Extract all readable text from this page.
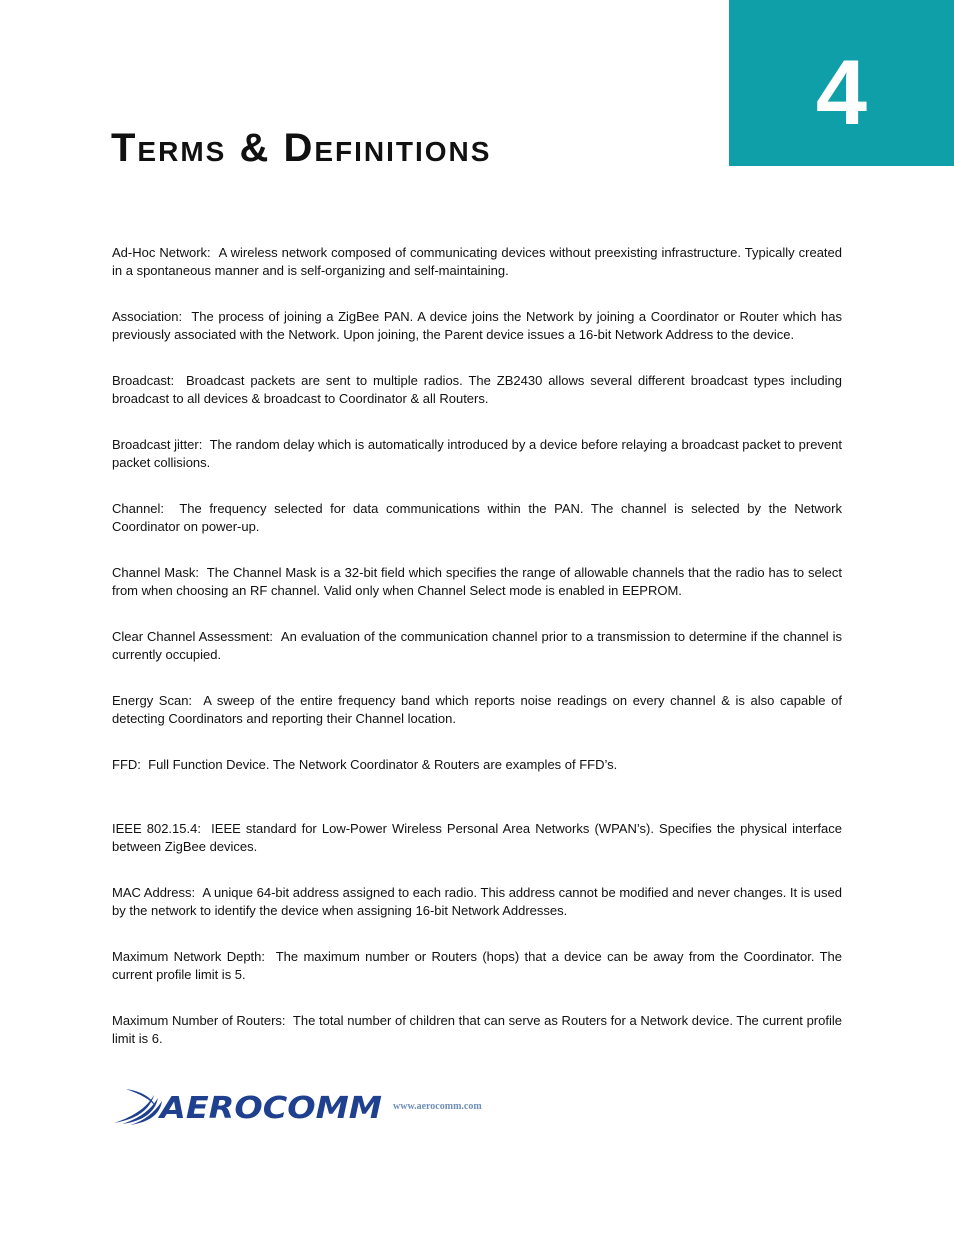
4
Terms & Definitions

Ad-Hoc Network: A wireless network composed of communicating devices without preexisting infrastructure. Typically created in a spontaneous manner and is self-organizing and self-maintaining.

Association: The process of joining a ZigBee PAN. A device joins the Network by joining a Coordinator or Router which has previously associated with the Network. Upon joining, the Parent device issues a 16-bit Network Address to the device.

Broadcast: Broadcast packets are sent to multiple radios. The ZB2430 allows several different broadcast types including broadcast to all devices & broadcast to Coordinator & all Routers.

Broadcast jitter: The random delay which is automatically introduced by a device before relaying a broadcast packet to prevent packet collisions.

Channel: The frequency selected for data communications within the PAN. The channel is selected by the Network Coordinator on power-up.

Channel Mask: The Channel Mask is a 32-bit field which specifies the range of allowable channels that the radio has to select from when choosing an RF channel. Valid only when Channel Select mode is enabled in EEPROM.

Clear Channel Assessment: An evaluation of the communication channel prior to a transmission to determine if the channel is currently occupied.

Energy Scan: A sweep of the entire frequency band which reports noise readings on every channel & is also capable of detecting Coordinators and reporting their Channel location.

FFD: Full Function Device. The Network Coordinator & Routers are examples of FFD’s.

IEEE 802.15.4: IEEE standard for Low-Power Wireless Personal Area Networks (WPAN’s). Specifies the physical interface between ZigBee devices.

MAC Address: A unique 64-bit address assigned to each radio. This address cannot be modified and never changes. It is used by the network to identify the device when assigning 16-bit Network Addresses.

Maximum Network Depth: The maximum number or Routers (hops) that a device can be away from the Coordinator. The current profile limit is 5.

Maximum Number of Routers: The total number of children that can serve as Routers for a Network device. The current profile limit is 6.

AEROCOMM www.aerocomm.com
